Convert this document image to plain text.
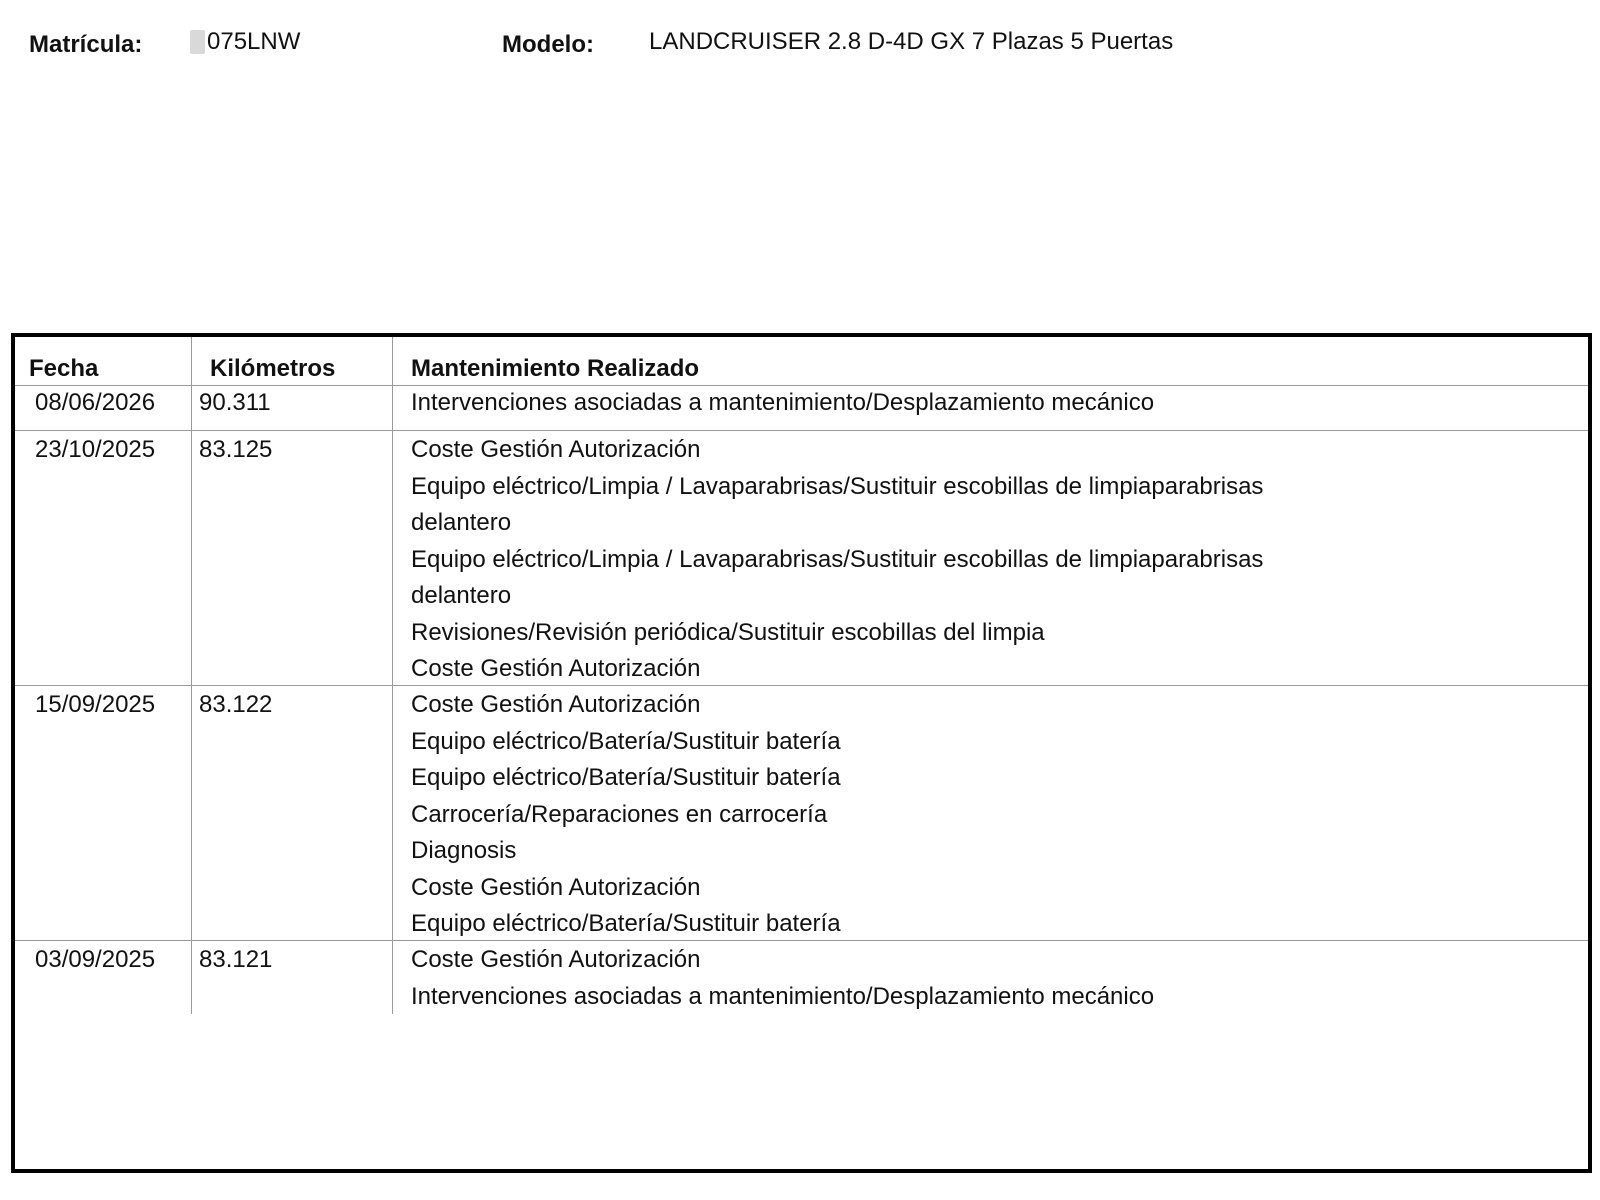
Matrícula:	075LNW	Modelo: LANDCRUISER 2.8 D-4D GX 7 Plazas 5 Puertas
Fecha	Kilómetros	Mantenimiento Realizado
08/06/2026 90.311	Intervenciones asociadas a mantenimiento/Desplazamiento mecánico
23/10/2025 83.125	Coste Gestión Autorización
Equipo eléctrico/Limpia / Lavaparabrisas/Sustituir escobillas de limpiaparabrisas
delantero
Equipo eléctrico/Limpia / Lavaparabrisas/Sustituir escobillas de limpiaparabrisas
delantero
Revisiones/Revisión periódica/Sustituir escobillas del limpia
Coste Gestión Autorización
15/09/2025 83.122	Coste Gestión Autorización
Equipo eléctrico/Batería/Sustituir batería
Equipo eléctrico/Batería/Sustituir batería
Carrocería/Reparaciones en carrocería
Diagnosis
Coste Gestión Autorización
Equipo eléctrico/Batería/Sustituir batería
03/09/2025 83.121	Coste Gestión Autorización
Intervenciones asociadas a mantenimiento/Desplazamiento mecánico
